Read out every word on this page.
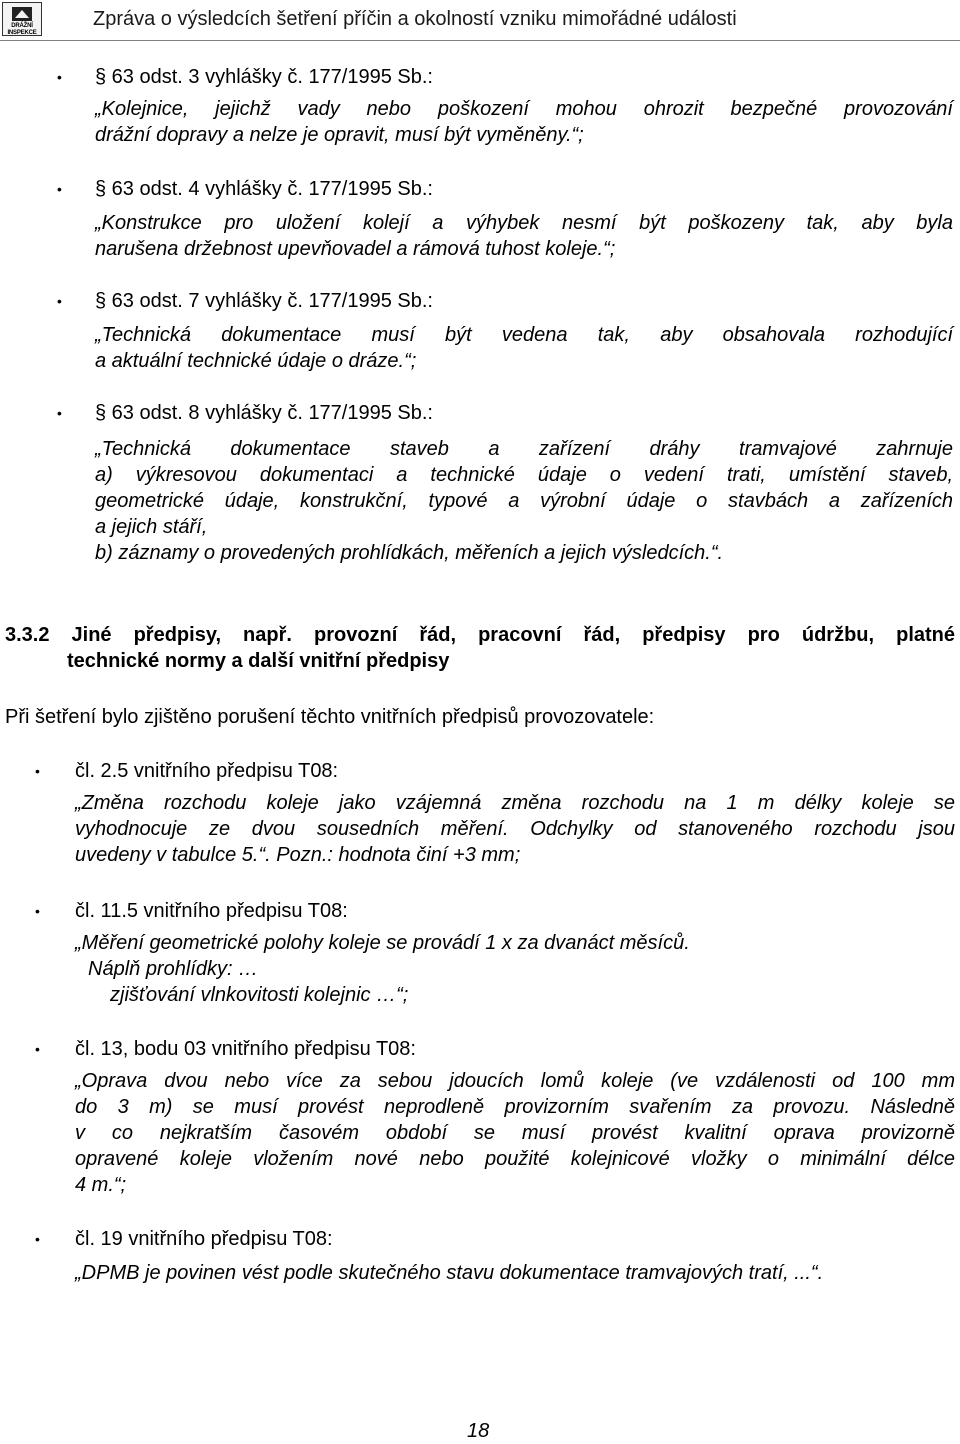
DRÁŽNÍ
INSPEKCE
Zpráva o výsledcích šetření příčin a okolností vzniku mimořádné události
• § 63 odst. 3 vyhlášky č. 177/1995 Sb.:
„Kolejnice, jejichž vady nebo poškození mohou ohrozit bezpečné provozování
drážní dopravy a nelze je opravit, musí být vyměněny.“;
• § 63 odst. 4 vyhlášky č. 177/1995 Sb.:
„Konstrukce pro uložení kolejí a výhybek nesmí být poškozeny tak, aby byla
narušena držebnost upevňovadel a rámová tuhost koleje.“;
• § 63 odst. 7 vyhlášky č. 177/1995 Sb.:
„Technická dokumentace musí být vedena tak, aby obsahovala rozhodující
a aktuální technické údaje o dráze.“;
• § 63 odst. 8 vyhlášky č. 177/1995 Sb.:
„Technická dokumentace staveb a zařízení dráhy tramvajové zahrnuje
a) výkresovou dokumentaci a technické údaje o vedení trati, umístění staveb,
geometrické údaje, konstrukční, typové a výrobní údaje o stavbách a zařízeních
a jejich stáří,
b) záznamy o provedených prohlídkách, měřeních a jejich výsledcích.“.
3.3.2 Jiné předpisy, např. provozní řád, pracovní řád, předpisy pro údržbu, platné
technické normy a další vnitřní předpisy
Při šetření bylo zjištěno porušení těchto vnitřních předpisů provozovatele:
• čl. 2.5 vnitřního předpisu T08:
„Změna rozchodu koleje jako vzájemná změna rozchodu na 1 m délky koleje se
vyhodnocuje ze dvou sousedních měření. Odchylky od stanoveného rozchodu jsou
uvedeny v tabulce 5.“. Pozn.: hodnota činí +3 mm;
• čl. 11.5 vnitřního předpisu T08:
„Měření geometrické polohy koleje se provádí 1 x za dvanáct měsíců.
Náplň prohlídky: …
zjišťování vlnkovitosti kolejnic …“;
• čl. 13, bodu 03 vnitřního předpisu T08:
„Oprava dvou nebo více za sebou jdoucích lomů koleje (ve vzdálenosti od 100 mm
do 3 m) se musí provést neprodleně provizorním svařením za provozu. Následně
v co nejkratším časovém období se musí provést kvalitní oprava provizorně
opravené koleje vložením nové nebo použité kolejnicové vložky o minimální délce
4 m.“;
• čl. 19 vnitřního předpisu T08:
„DPMB je povinen vést podle skutečného stavu dokumentace tramvajových tratí, ...“.
18
